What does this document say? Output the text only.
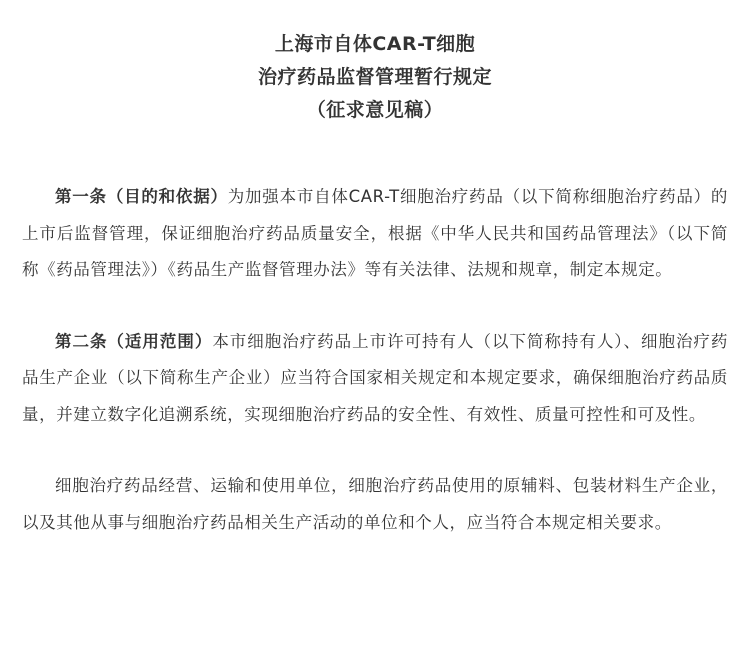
上海市自体CAR-T细胞
治疗药品监督管理暂行规定
（征求意见稿）

第一条（目的和依据）为加强本市自体CAR-T细胞治疗药品（以下简称细胞治疗药品）的上市后监督管理，保证细胞治疗药品质量安全，根据《中华人民共和国药品管理法》（以下简称《药品管理法》）《药品生产监督管理办法》等有关法律、法规和规章，制定本规定。

第二条（适用范围）本市细胞治疗药品上市许可持有人（以下简称持有人）、细胞治疗药品生产企业（以下简称生产企业）应当符合国家相关规定和本规定要求，确保细胞治疗药品质量，并建立数字化追溯系统，实现细胞治疗药品的安全性、有效性、质量可控性和可及性。

细胞治疗药品经营、运输和使用单位，细胞治疗药品使用的原辅料、包装材料生产企业，以及其他从事与细胞治疗药品相关生产活动的单位和个人，应当符合本规定相关要求。
